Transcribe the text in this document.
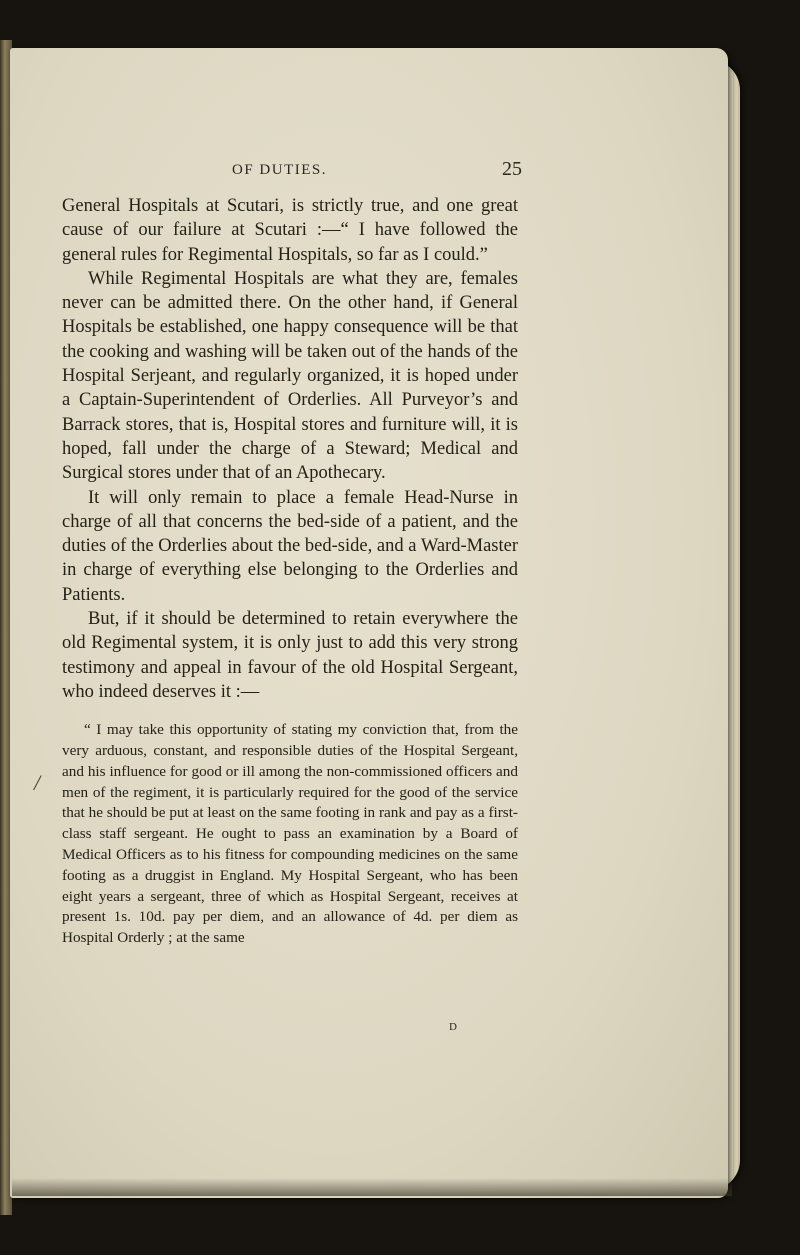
OF DUTIES.	25
/

General Hospitals at Scutari, is strictly true, and one great cause of our failure at Scutari :—“ I have followed the general rules for Regimental Hospitals, so far as I could.”

While Regimental Hospitals are what they are, females never can be admitted there. On the other hand, if General Hospitals be established, one happy consequence will be that the cooking and washing will be taken out of the hands of the Hospital Serjeant, and regularly organized, it is hoped under a Captain-Superintendent of Orderlies. All Purveyor’s and Barrack stores, that is, Hospital stores and furniture will, it is hoped, fall under the charge of a Steward; Medical and Surgical stores under that of an Apothecary.

It will only remain to place a female Head-Nurse in charge of all that concerns the bed-side of a patient, and the duties of the Orderlies about the bed-side, and a Ward-Master in charge of everything else belonging to the Orderlies and Patients.

But, if it should be determined to retain everywhere the old Regimental system, it is only just to add this very strong testimony and appeal in favour of the old Hospital Sergeant, who indeed deserves it :—

“ I may take this opportunity of stating my conviction that, from the very arduous, constant, and responsible duties of the Hospital Sergeant, and his influence for good or ill among the non-commissioned officers and men of the regiment, it is particularly required for the good of the service that he should be put at least on the same footing in rank and pay as a first-class staff sergeant. He ought to pass an examination by a Board of Medical Officers as to his fitness for compounding medicines on the same footing as a druggist in England. My Hospital Sergeant, who has been eight years a sergeant, three of which as Hospital Sergeant, receives at present 1s. 10d. pay per diem, and an allowance of 4d. per diem as Hospital Orderly ; at the same

D
